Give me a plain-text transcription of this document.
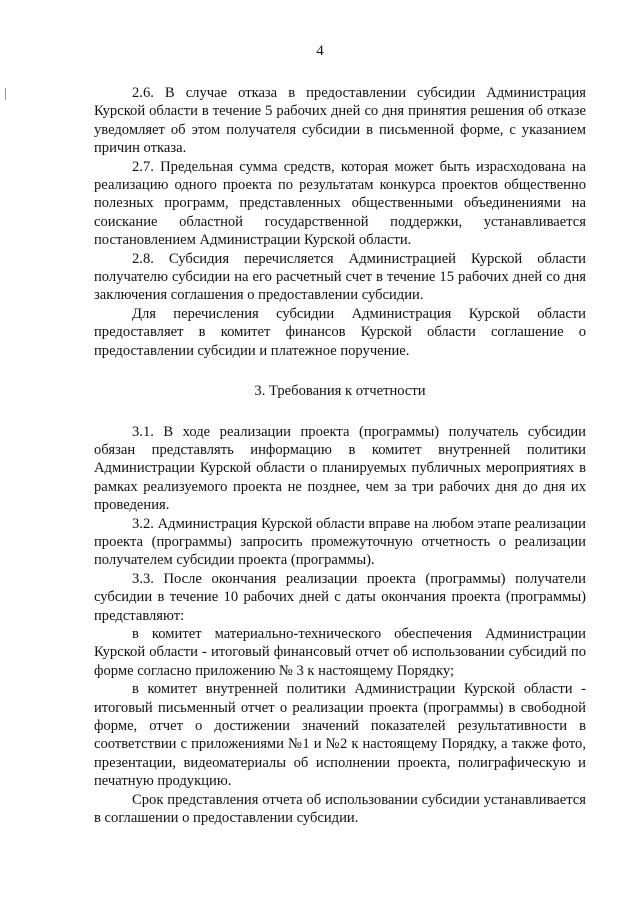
4

2.6. В случае отказа в предоставлении субсидии Администрация Курской области в течение 5 рабочих дней со дня принятия решения об отказе уведомляет об этом получателя субсидии в письменной форме, с указанием причин отказа.

2.7. Предельная сумма средств, которая может быть израсходована на реализацию одного проекта по результатам конкурса проектов общественно полезных программ, представленных общественными объединениями на соискание областной государственной поддержки, устанавливается постановлением Администрации Курской области.

2.8. Субсидия перечисляется Администрацией Курской области получателю субсидии на его расчетный счет в течение 15 рабочих дней со дня заключения соглашения о предоставлении субсидии.

Для перечисления субсидии Администрация Курской области предоставляет в комитет финансов Курской области соглашение о предоставлении субсидии и платежное поручение.

3. Требования к отчетности

3.1. В ходе реализации проекта (программы) получатель субсидии обязан представлять информацию в комитет внутренней политики Администрации Курской области о планируемых публичных мероприятиях в рамках реализуемого проекта не позднее, чем за три рабочих дня до дня их проведения.

3.2. Администрация Курской области вправе на любом этапе реализации проекта (программы) запросить промежуточную отчетность о реализации получателем субсидии проекта (программы).

3.3. После окончания реализации проекта (программы) получатели субсидии в течение 10 рабочих дней с даты окончания проекта (программы) представляют:

в комитет материально-технического обеспечения Администрации Курской области - итоговый финансовый отчет об использовании субсидий по форме согласно приложению № 3 к настоящему Порядку;

в комитет внутренней политики Администрации Курской области - итоговый письменный отчет о реализации проекта (программы) в свободной форме, отчет о достижении значений показателей результативности в соответствии с приложениями №1 и №2 к настоящему Порядку, а также фото, презентации, видеоматериалы об исполнении проекта, полиграфическую и печатную продукцию.

Срок представления отчета об использовании субсидии устанавливается в соглашении о предоставлении субсидии.
